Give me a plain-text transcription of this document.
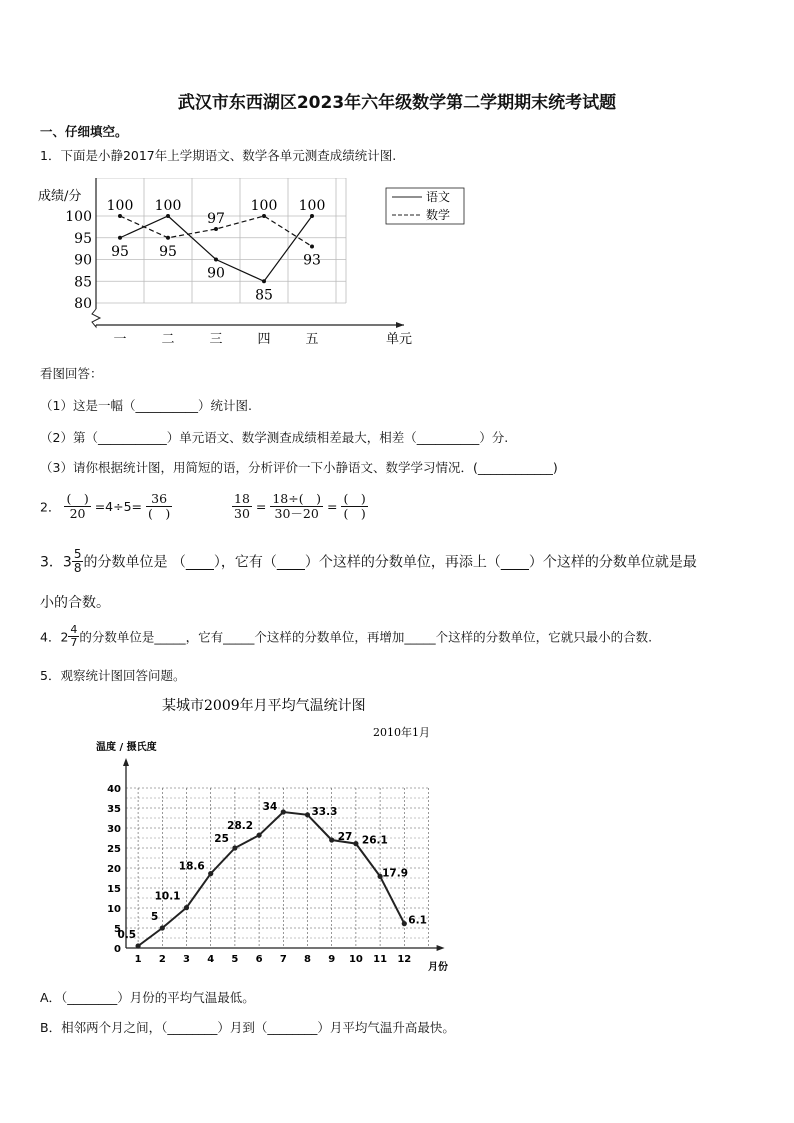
武汉市东西湖区2023年六年级数学第二学期期末统考试题
一、仔细填空。
1．下面是小静2017年上学期语文、数学各单元测查成绩统计图.
80
85
90
95
100
一	二	三	四	五
95
100
90
85
100
100
95
97
100
93
成绩/分
单元
语文
数学
看图回答：
（1）这是一幅（__________）统计图.
（2）第（___________）单元语文、数学测查成绩相差最大，相差（__________）分.
（3）请你根据统计图，用简短的语，分析评价一下小静语文、数学学习情况．(____________)
2． $\frac{( )}{20} =4\div 5= \frac{36}{( )}$	$\frac{18}{30} = \frac{18\div( )}{30-20} = \frac{( )}{( )}$
3．$3 \frac{5}{8}$ 的分数单位是 （____），它有（____）个这样的分数单位，再添上（____）个这样的分数单位就是最
小的合数。
4．$2 \frac{4}{7}$ 的分数单位是_____，它有_____个这样的分数单位，再增加_____个这样的分数单位，它就只最小的合数.
5．观察统计图回答问题。
某城市2009年月平均气温统计图
2010年1月
温度 / 摄氏度
月份
0
5
10
15
20
25
30
35
40
1 2 3 4 5 6 7 8 9 10 11 12
0.5
5
10.1
18.6
25
28.2
34	33.3
27 26.1
17.9
6.1
A．（________）月份的平均气温最低。
B．相邻两个月之间，（________）月到（________）月平均气温升高最快。
